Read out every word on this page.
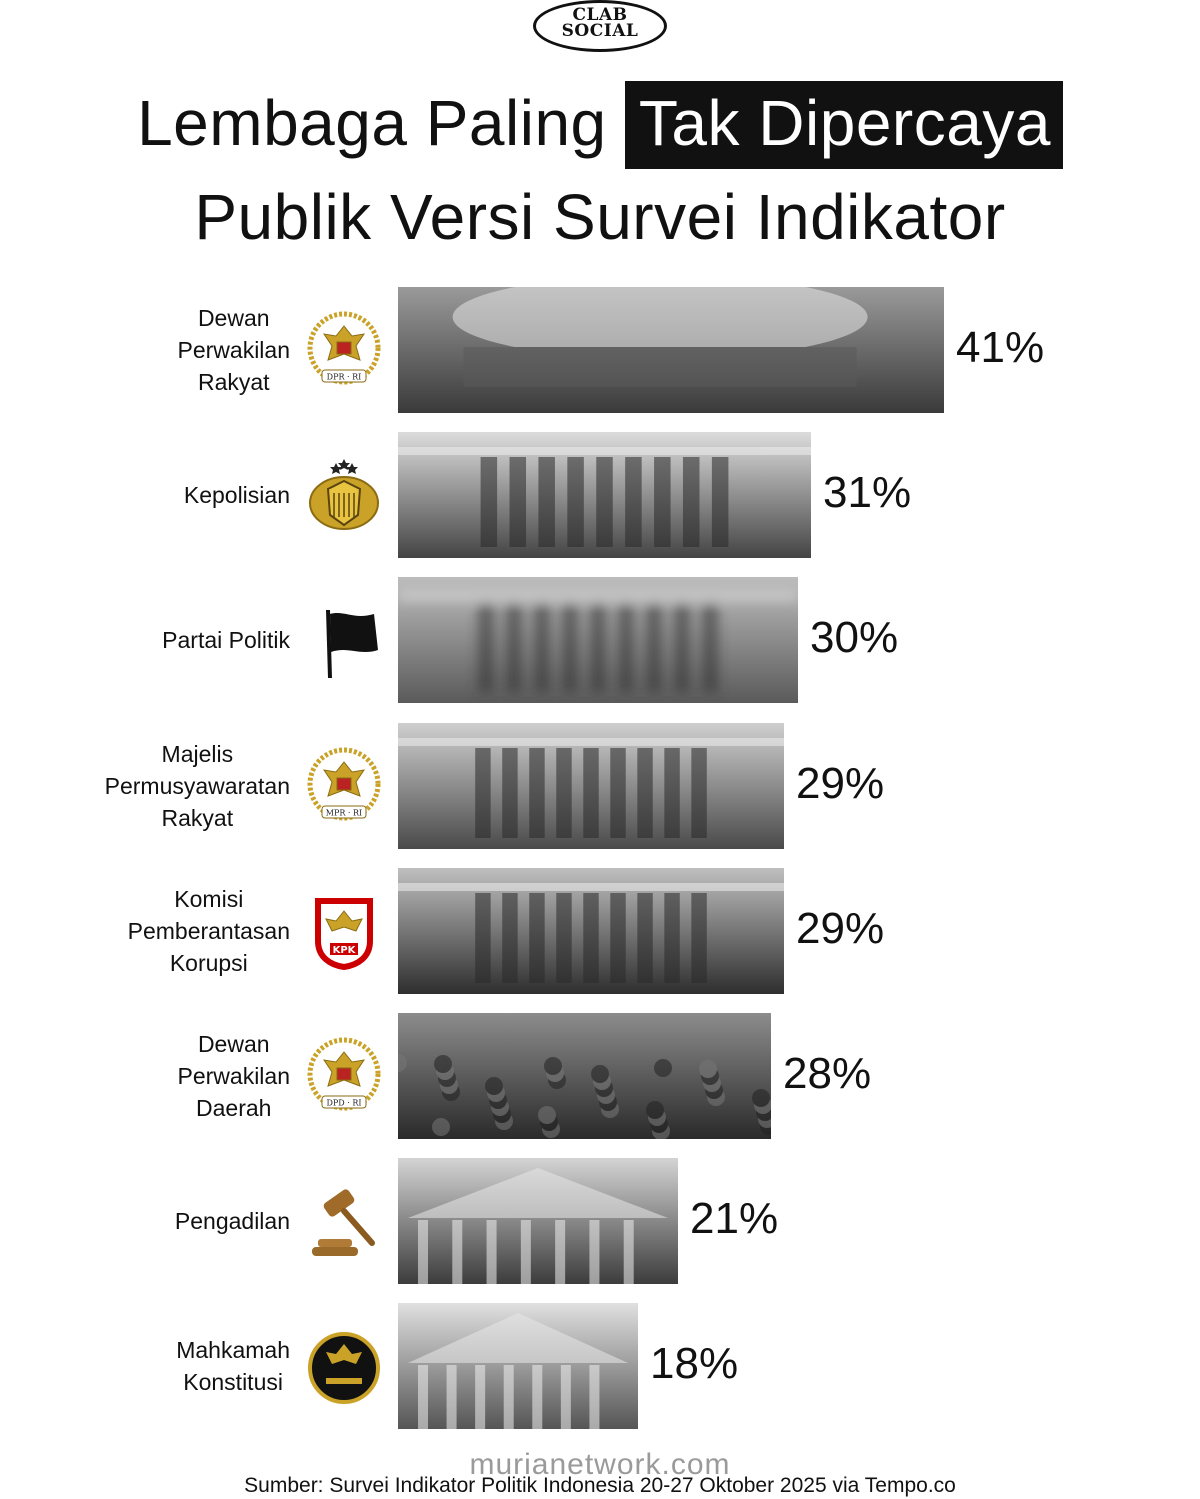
CLAB
SOCIAL
Lembaga Paling Tak Dipercaya
Publik Versi Survei Indikator
Dewan
Perwakilan
Rakyat	DPR · RI
41%
Kepolisian	31%
Partai Politik	30%
Majelis
Permusyawaratan
Rakyat	MPR · RI
29%
Komisi
Pemberantasan
Korupsi	KPK	29%
Dewan
Perwakilan
Daerah	DPD · RI
28%
Pengadilan	21%
Mahkamah
Konstitusi	18%
murianetwork.com
Sumber: Survei Indikator Politik Indonesia 20-27 Oktober 2025 via Tempo.co
